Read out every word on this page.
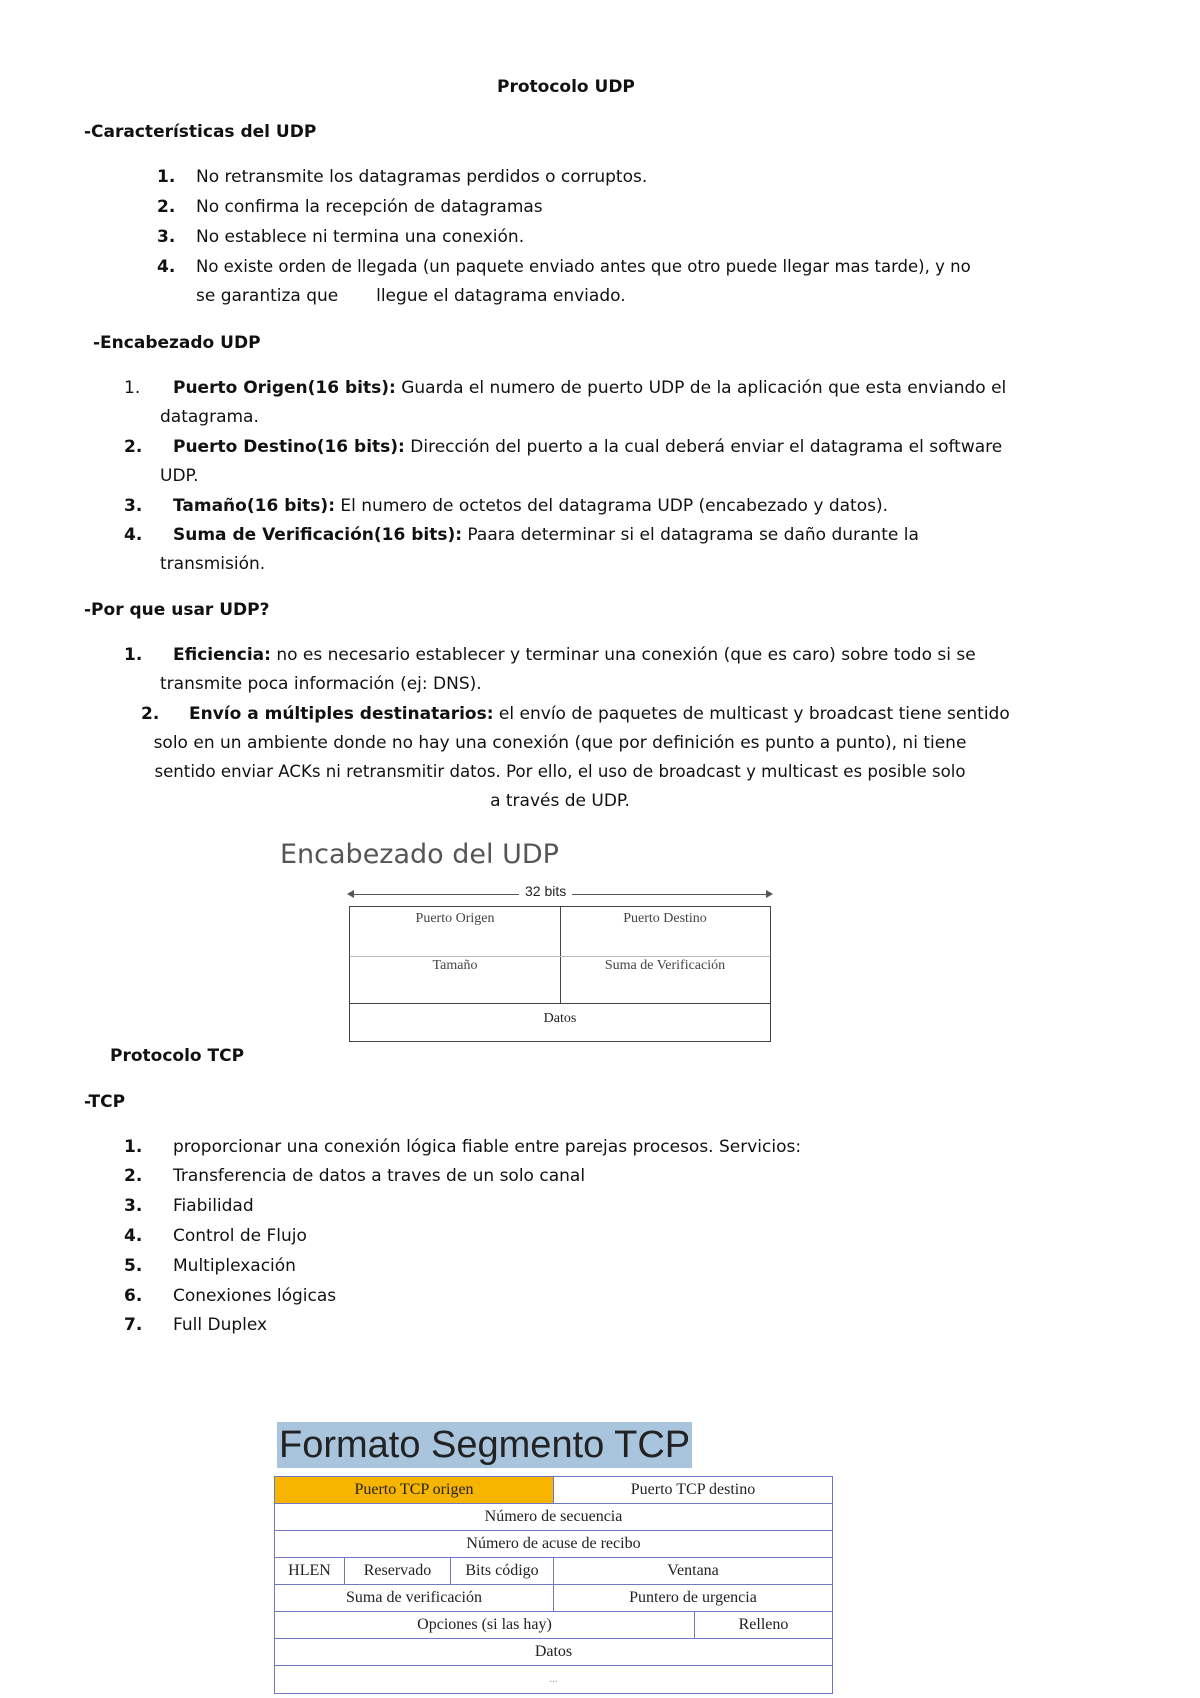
Protocolo UDP
-Características del UDP
1. No retransmite los datagramas perdidos o corruptos.
2. No confirma la recepción de datagramas
3. No establece ni termina una conexión.
4. No existe orden de llegada (un paquete enviado antes que otro puede llegar mas tarde), y no
se garantiza que       llegue el datagrama enviado.
-Encabezado UDP
1. Puerto Origen(16 bits): Guarda el numero de puerto UDP de la aplicación que esta enviando el
datagrama.
2. Puerto Destino(16 bits): Dirección del puerto a la cual deberá enviar el datagrama el software
UDP.
3. Tamaño(16 bits): El numero de octetos del datagrama UDP (encabezado y datos).
4. Suma de Verificación(16 bits): Paara determinar si el datagrama se daño durante la
transmisión.
-Por que usar UDP?
1. Eficiencia: no es necesario establecer y terminar una conexión (que es caro) sobre todo si se
transmite poca información (ej: DNS).
2. Envío a múltiples destinatarios: el envío de paquetes de multicast y broadcast tiene sentido
solo en un ambiente donde no hay una conexión (que por definición es punto a punto), ni tiene
sentido enviar ACKs ni retransmitir datos. Por ello, el uso de broadcast y multicast es posible solo
a través de UDP.
Encabezado del UDP
32 bits
Puerto Origen	Puerto Destino
Tamaño	Suma de Verificación
Datos
Protocolo TCP
-TCP
1. proporcionar una conexión lógica fiable entre parejas procesos. Servicios:
2. Transferencia de datos a traves de un solo canal
3. Fiabilidad
4. Control de Flujo
5. Multiplexación
6. Conexiones lógicas
7. Full Duplex
Formato Segmento TCP
Puerto TCP origen	Puerto TCP destino
Número de secuencia
Número de acuse de recibo
HLEN	Reservado	Bits código	Ventana
Suma de verificación	Puntero de urgencia
Opciones (si las hay)	Relleno
Datos
...
